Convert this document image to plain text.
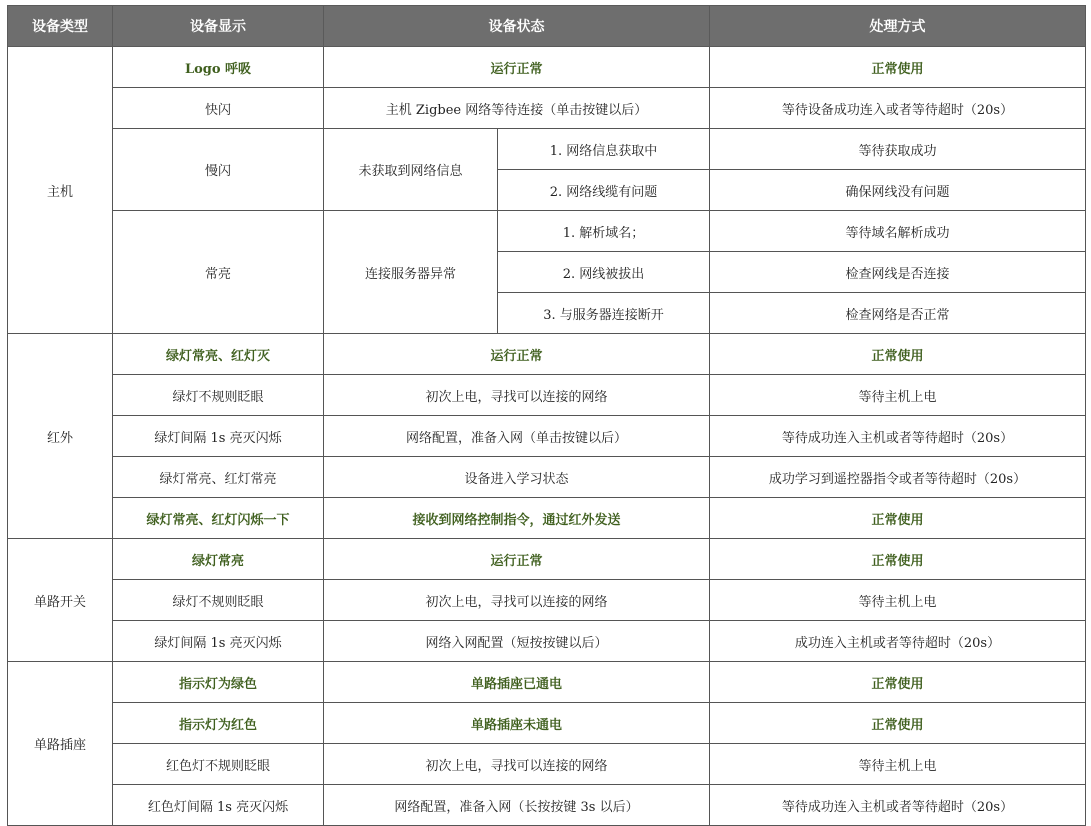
设备类型	设备显示	设备状态		处理方式
主机	Logo 呼吸	运行正常		正常使用
	快闪	主机 Zigbee 网络等待连接（单击按键以后）		等待设备成功连入或者等待超时（20s）
	慢闪	未获取到网络信息	1. 网络信息获取中	等待获取成功
			2. 网络线缆有问题	确保网线没有问题
	常亮	连接服务器异常	1. 解析域名；	等待域名解析成功
			2. 网线被拔出	检查网线是否连接
			3. 与服务器连接断开	检查网络是否正常
红外	绿灯常亮、红灯灭	运行正常		正常使用
	绿灯不规则眨眼	初次上电，寻找可以连接的网络		等待主机上电
	绿灯间隔 1s 亮灭闪烁	网络配置，准备入网（单击按键以后）		等待成功连入主机或者等待超时（20s）
	绿灯常亮、红灯常亮	设备进入学习状态		成功学习到遥控器指令或者等待超时（20s）
	绿灯常亮、红灯闪烁一下	接收到网络控制指令，通过红外发送		正常使用
单路开关	绿灯常亮	运行正常		正常使用
	绿灯不规则眨眼	初次上电，寻找可以连接的网络		等待主机上电
	绿灯间隔 1s 亮灭闪烁	网络入网配置（短按按键以后）		成功连入主机或者等待超时（20s）
单路插座	指示灯为绿色	单路插座已通电		正常使用
	指示灯为红色	单路插座未通电		正常使用
	红色灯不规则眨眼	初次上电，寻找可以连接的网络		等待主机上电
	红色灯间隔 1s 亮灭闪烁	网络配置，准备入网（长按按键 3s 以后）		等待成功连入主机或者等待超时（20s）
